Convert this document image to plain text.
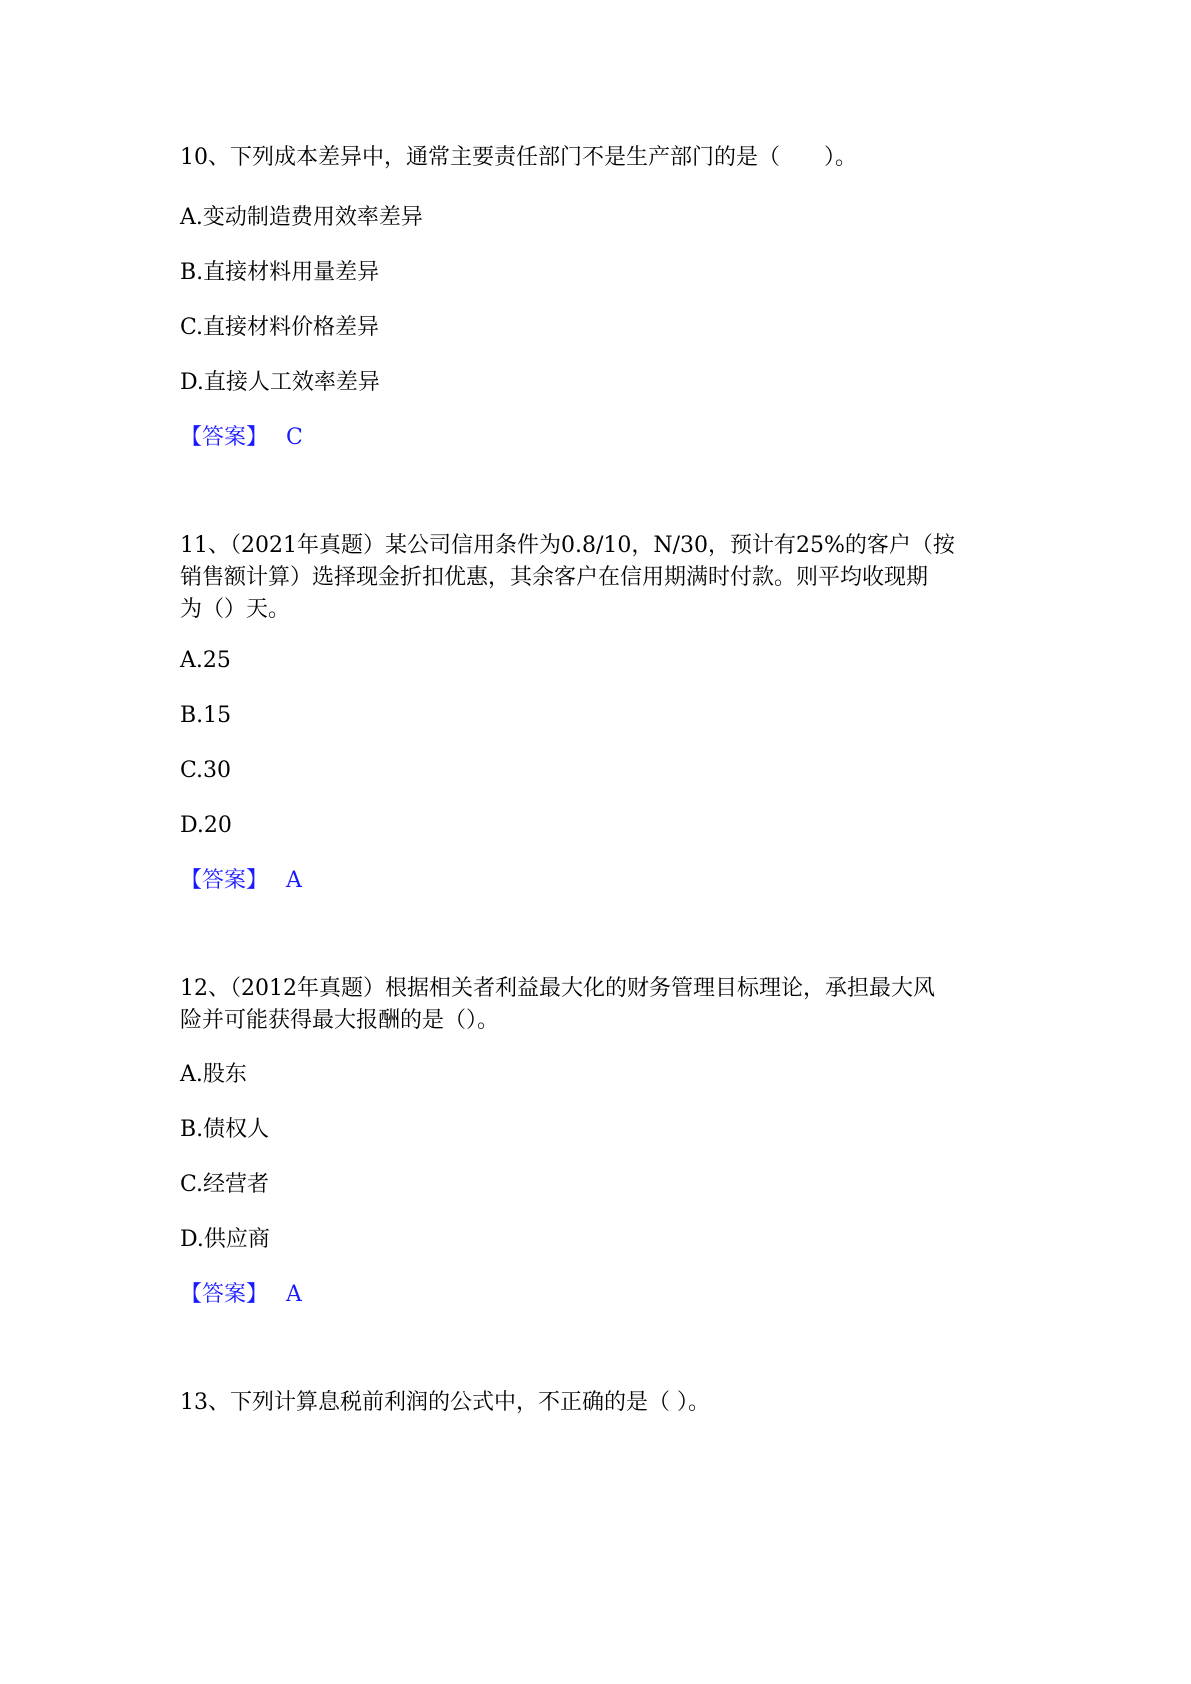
10、下列成本差异中，通常主要责任部门不是生产部门的是（　　）。
A.变动制造费用效率差异
B.直接材料用量差异
C.直接材料价格差异
D.直接人工效率差异
【答案】 C
11、（2021年真题）某公司信用条件为0.8/10，N/30，预计有25%的客户（按
销售额计算）选择现金折扣优惠，其余客户在信用期满时付款。则平均收现期
为（）天。
A.25
B.15
C.30
D.20
【答案】 A
12、（2012年真题）根据相关者利益最大化的财务管理目标理论，承担最大风
险并可能获得最大报酬的是（）。
A.股东
B.债权人
C.经营者
D.供应商
【答案】 A
13、下列计算息税前利润的公式中，不正确的是（ ）。
